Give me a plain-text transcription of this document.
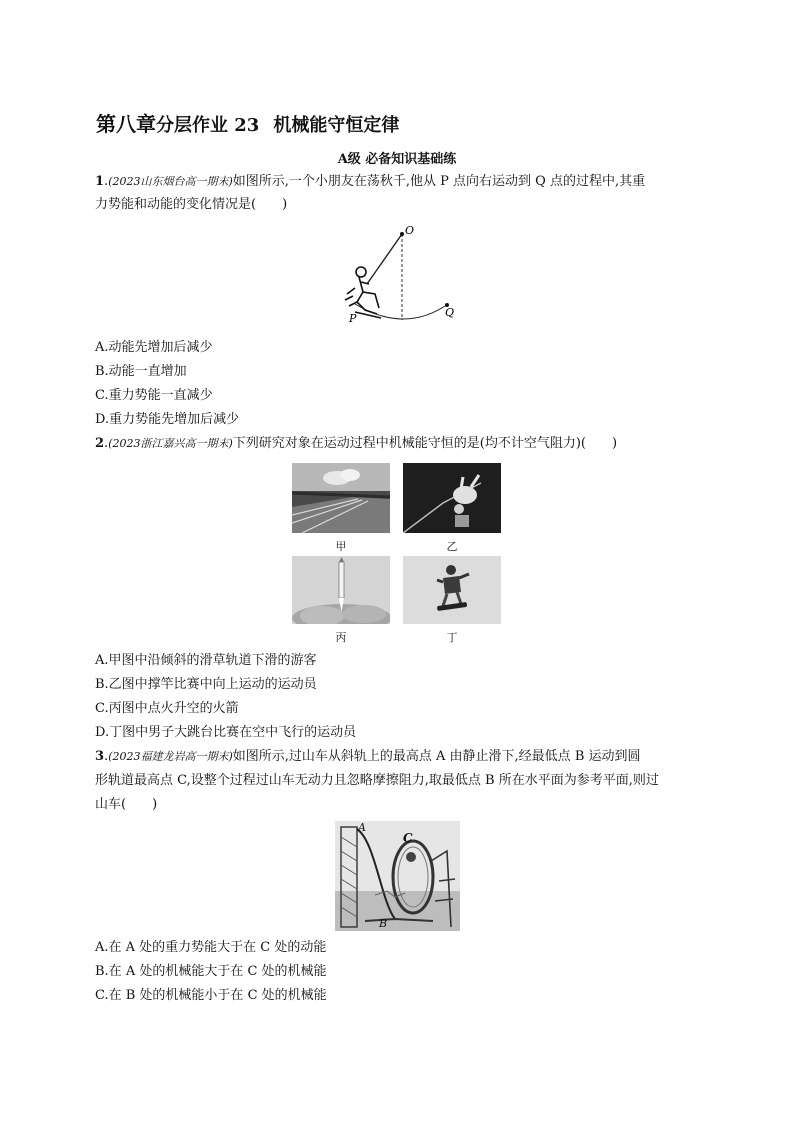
第八章分层作业 23 机械能守恒定律
A级 必备知识基础练
1.(2023山东烟台高一期末)如图所示,一个小朋友在荡秋千,他从 P 点向右运动到 Q 点的过程中,其重
力势能和动能的变化情况是(　　)
O
P	Q
A.动能先增加后减少
B.动能一直增加
C.重力势能一直减少
D.重力势能先增加后减少
2.(2023浙江嘉兴高一期末)下列研究对象在运动过程中机械能守恒的是(均不计空气阻力)(　　)
甲	乙
丙	丁
A.甲图中沿倾斜的滑草轨道下滑的游客
B.乙图中撑竿比赛中向上运动的运动员
C.丙图中点火升空的火箭
D.丁图中男子大跳台比赛在空中飞行的运动员
3.(2023福建龙岩高一期末)如图所示,过山车从斜轨上的最高点 A 由静止滑下,经最低点 B 运动到圆
形轨道最高点 C,设整个过程过山车无动力且忽略摩擦阻力,取最低点 B 所在水平面为参考平面,则过
山车(　　)
A
C
B
A.在 A 处的重力势能大于在 C 处的动能
B.在 A 处的机械能大于在 C 处的机械能
C.在 B 处的机械能小于在 C 处的机械能
